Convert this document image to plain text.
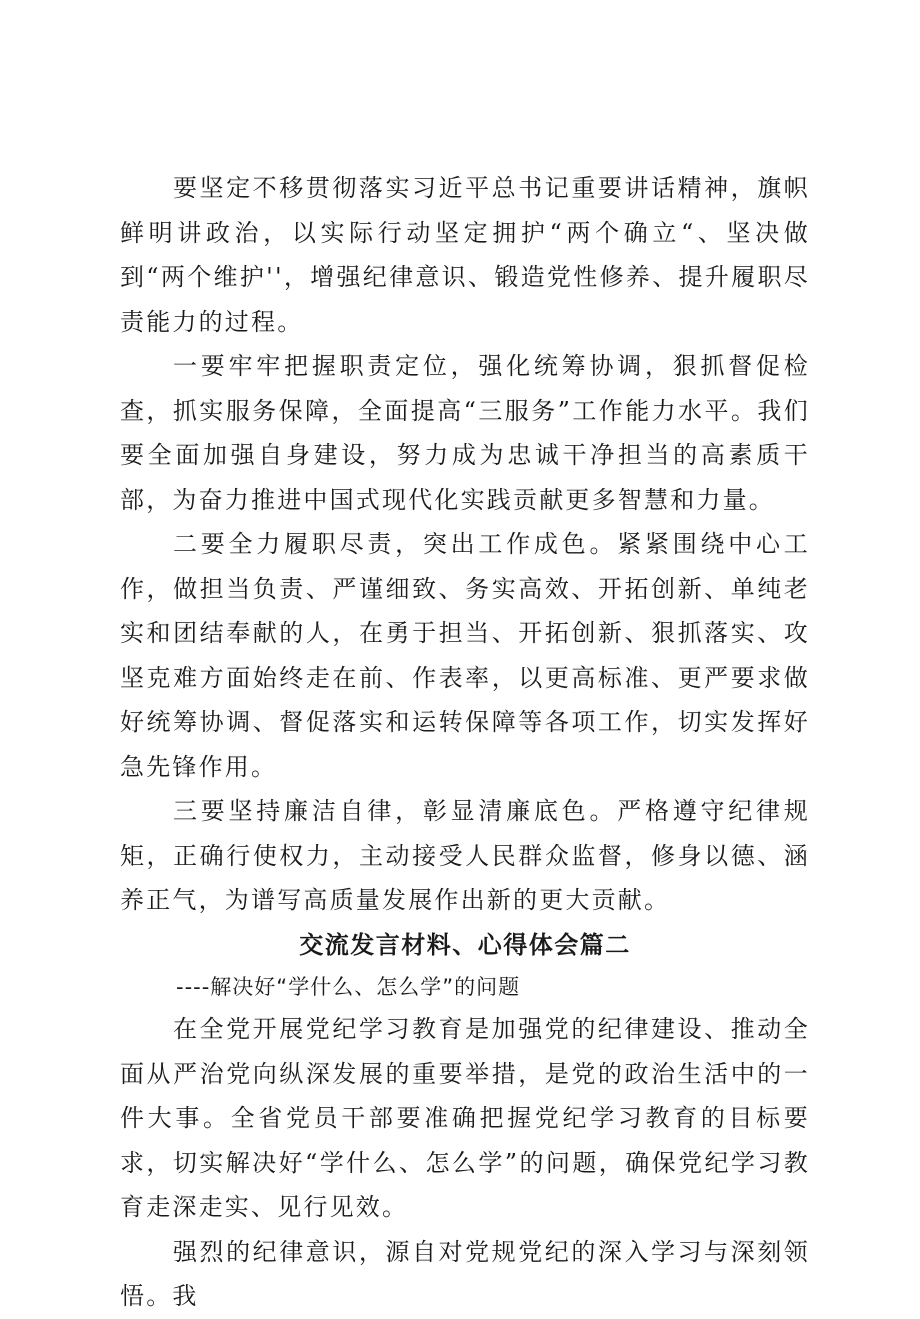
要坚定不移贯彻落实习近平总书记重要讲话精神，旗帜鲜明讲政治，以实际行动坚定拥护“两个确立“、坚决做到“两个维护''，增强纪律意识、锻造党性修养、提升履职尽责能力的过程。

一要牢牢把握职责定位，强化统筹协调，狠抓督促检查，抓实服务保障，全面提高“三服务”工作能力水平。我们要全面加强自身建设，努力成为忠诚干净担当的高素质干部，为奋力推进中国式现代化实践贡献更多智慧和力量。

二要全力履职尽责，突出工作成色。紧紧围绕中心工作，做担当负责、严谨细致、务实高效、开拓创新、单纯老实和团结奉献的人，在勇于担当、开拓创新、狠抓落实、攻坚克难方面始终走在前、作表率，以更高标准、更严要求做好统筹协调、督促落实和运转保障等各项工作，切实发挥好急先锋作用。

三要坚持廉洁自律，彰显清廉底色。严格遵守纪律规矩，正确行使权力，主动接受人民群众监督，修身以德、涵养正气，为谱写高质量发展作出新的更大贡献。

交流发言材料、心得体会篇二

----解决好“学什么、怎么学”的问题

在全党开展党纪学习教育是加强党的纪律建设、推动全面从严治党向纵深发展的重要举措，是党的政治生活中的一件大事。全省党员干部要准确把握党纪学习教育的目标要求，切实解决好“学什么、怎么学”的问题，确保党纪学习教育走深走实、见行见效。

强烈的纪律意识，源自对党规党纪的深入学习与深刻领悟。我
